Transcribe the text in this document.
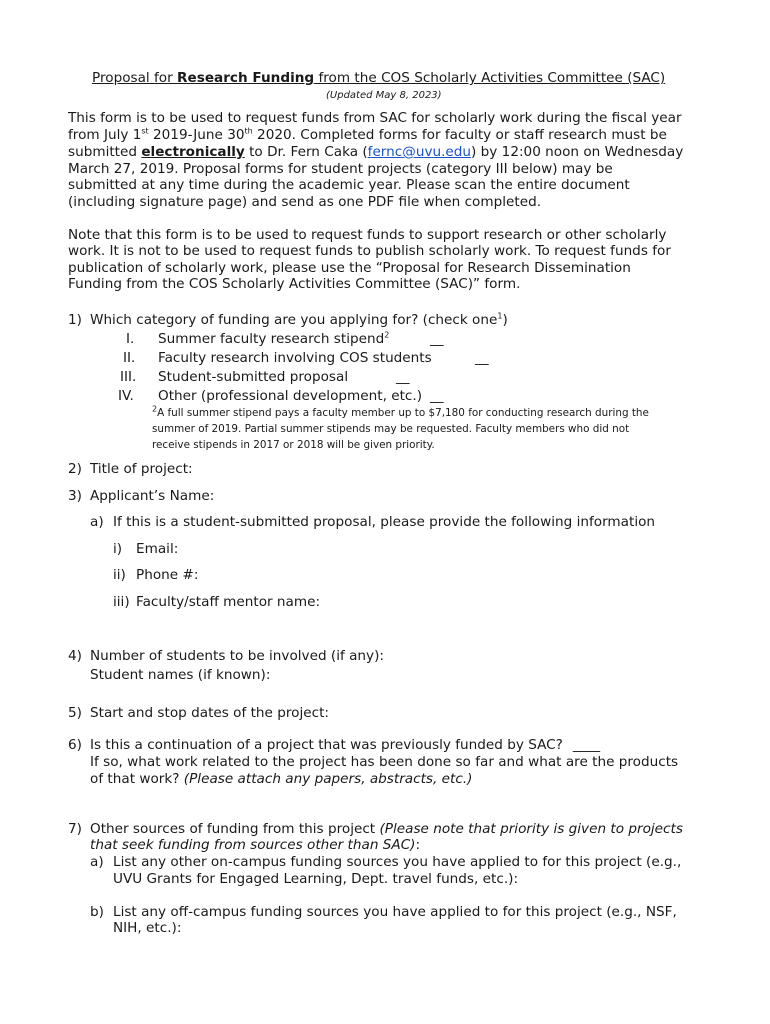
Proposal for Research Funding from the COS Scholarly Activities Committee (SAC)
(Updated May 8, 2023)
This form is to be used to request funds from SAC for scholarly work during the fiscal year
from July 1st 2019-June 30th 2020. Completed forms for faculty or staff research must be
submitted electronically to Dr. Fern Caka (fernc@uvu.edu) by 12:00 noon on Wednesday
March 27, 2019. Proposal forms for student projects (category III below) may be
submitted at any time during the academic year. Please scan the entire document
(including signature page) and send as one PDF file when completed.
Note that this form is to be used to request funds to support research or other scholarly
work. It is not to be used to request funds to publish scholarly work. To request funds for
publication of scholarly work, please use the “Proposal for Research Dissemination
Funding from the COS Scholarly Activities Committee (SAC)” form.
1) Which category of funding are you applying for? (check one$^1$)
I. Summer faculty research stipend$^2$	__
II. Faculty research involving COS students	__
III. Student-submitted proposal	__
IV. Other (professional development, etc.) __
$^2$A full summer stipend pays a faculty member up to $7,180 for conducting research during the
summer of 2019. Partial summer stipends may be requested. Faculty members who did not
receive stipends in 2017 or 2018 will be given priority.
2) Title of project:
3) Applicant’s Name:
a) If this is a student-submitted proposal, please provide the following information
i) Email:
ii) Phone #:
iii) Faculty/staff mentor name:
4) Number of students to be involved (if any):
Student names (if known):
5) Start and stop dates of the project:
6) Is this a continuation of a project that was previously funded by SAC? ____
If so, what work related to the project has been done so far and what are the products
of that work? (Please attach any papers, abstracts, etc.)
7) Other sources of funding from this project (Please note that priority is given to projects
that seek funding from sources other than SAC):
a) List any other on-campus funding sources you have applied to for this project (e.g.,
UVU Grants for Engaged Learning, Dept. travel funds, etc.):
b) List any off-campus funding sources you have applied to for this project (e.g., NSF,
NIH, etc.):
